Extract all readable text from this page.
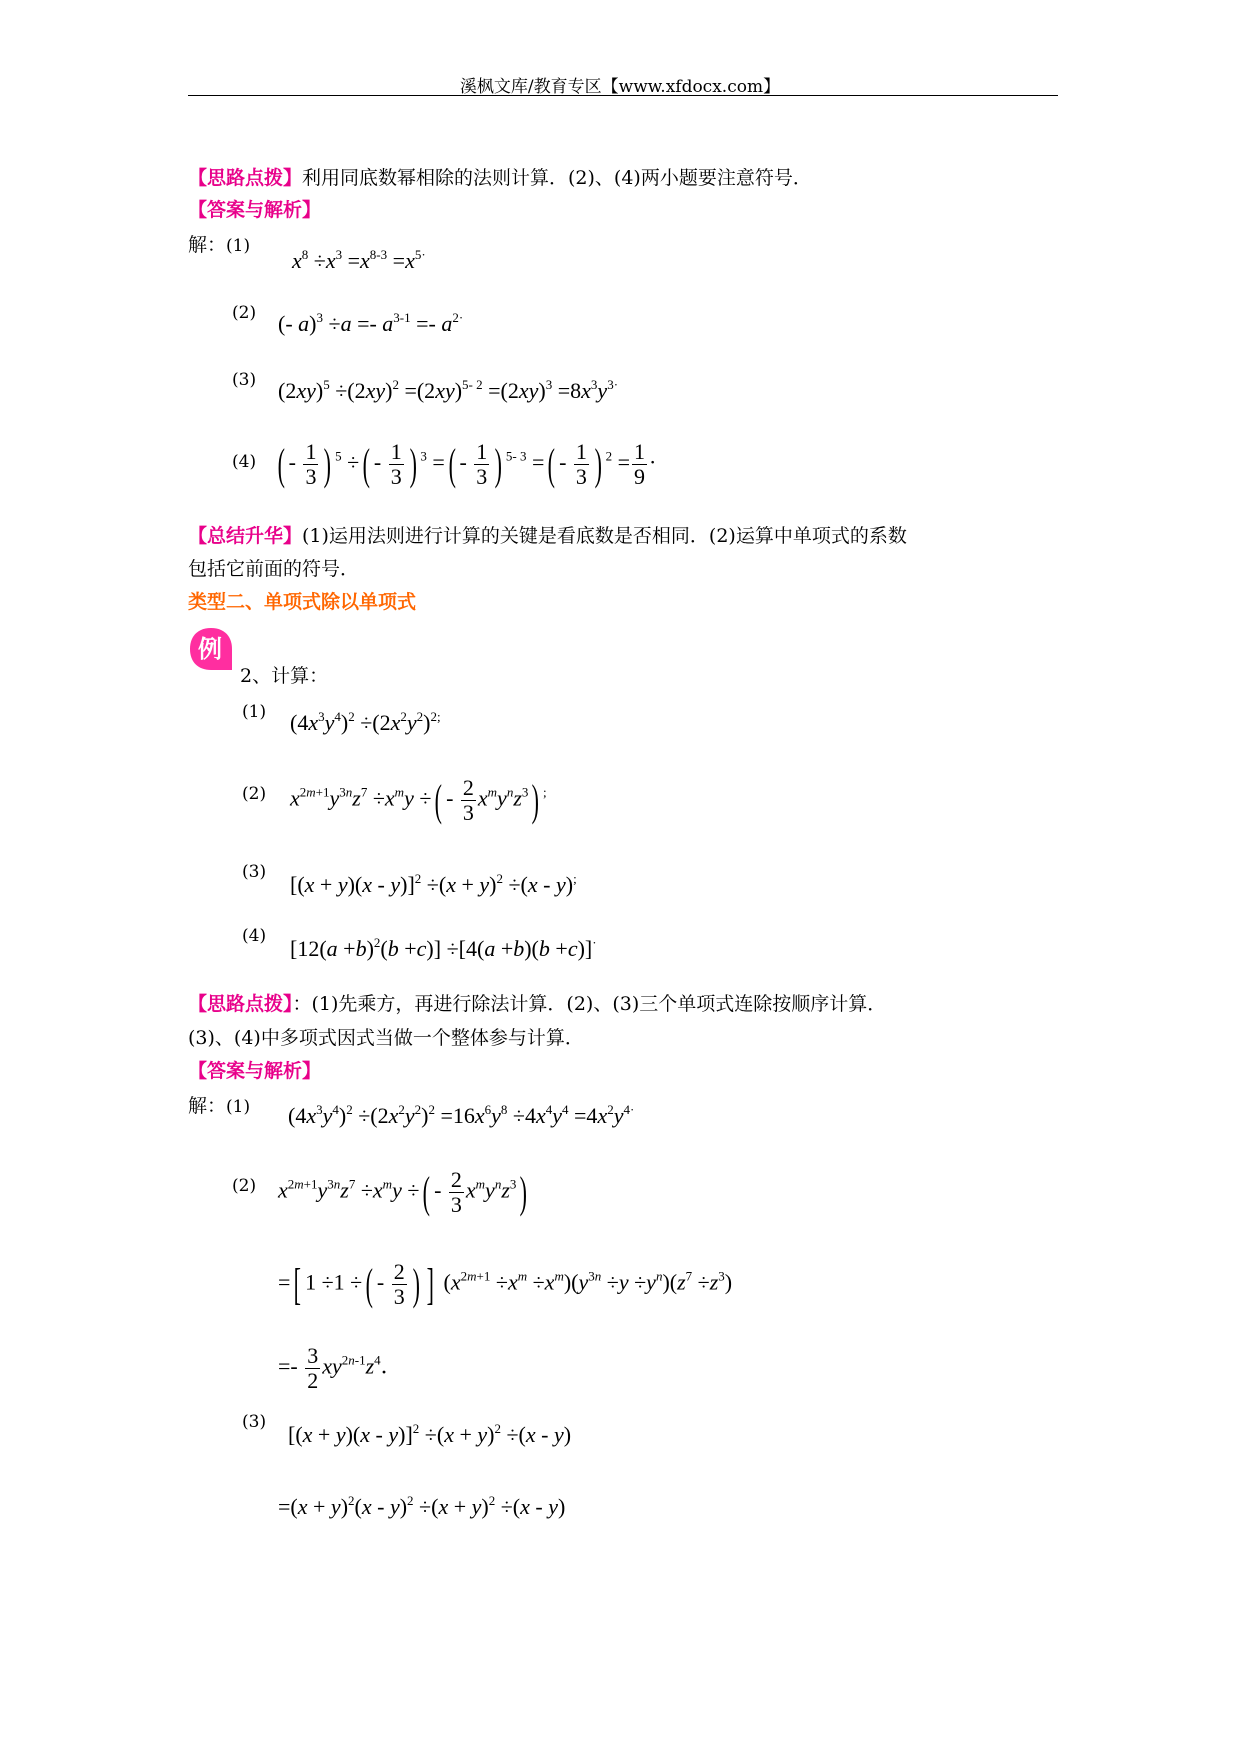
溪枫文库/教育专区【www.xfdocx.com】
【思路点拨】利用同底数幂相除的法则计算．(2)、(4)两小题要注意符号．
【答案与解析】
解：(1)
$x^8 \div x^3 =x^{8-3} =x^{5\cdot}$
(2) (- $a)^3 \div a =- a^{3-1} =- a^{2\cdot}$
(3) $(2xy)^5 \div(2xy)^2 =(2xy)^{5- 2} =(2xy)^3 =8x^3y^{3\cdot}$
(4) ( - $\frac{1}{3}$ ) $^5$ ÷( - $\frac{1}{3}$ ) $^3$ =( - $\frac{1}{3}$ ) $^{5- 3}$ =( - $\frac{1}{3}$ ) $^2 = \frac{1}{9}$ ·
【总结升华】(1)运用法则进行计算的关键是看底数是否相同．(2)运算中单项式的系数
包括它前面的符号．
类型二、单项式除以单项式
例
2、计算：
(1) $(4x^3y^4)^2 \div(2x^2y^2)^{2;}$
(2) $x^{2m+1}y^{3n}z^7 \div x^my$ ÷( - $\frac{2}{3} x^my^nz^3$) ;
(3) $[(x + y)(x - y)]^2 \div(x + y)^2 \div(x - y)^;$
(4) $[12(a +b)^2(b +c)] \div[4(a +b)(b +c)]^\cdot$
【思路点拨】：(1)先乘方，再进行除法计算．(2)、(3)三个单项式连除按顺序计算．
(3)、(4)中多项式因式当做一个整体参与计算．
【答案与解析】
解：(1) $(4x^3y^4)^2 \div(2x^2y^2)^2 =16x^6y^8 \div 4x^4y^4 =4x^2y^{4\cdot}$
(2) $x^{2m+1}y^{3n}z^7 \div x^my$ ÷( - $\frac{2}{3} x^my^nz^3$)
=[ 1 ÷1 ÷( - $\frac{2}{3}$ ) ] $(x^{2m+1} \div x^m \div x^m)(y^{3n} \div y \div y^n)(z^7 \div z^3)$
=- $\frac{3}{2} xy^{2n-1}z^4$．
(3) $[(x + y)(x - y)]^2 \div(x + y)^2 \div(x - y)$
$=(x + y)^2(x - y)^2 \div(x + y)^2 \div(x - y)$
